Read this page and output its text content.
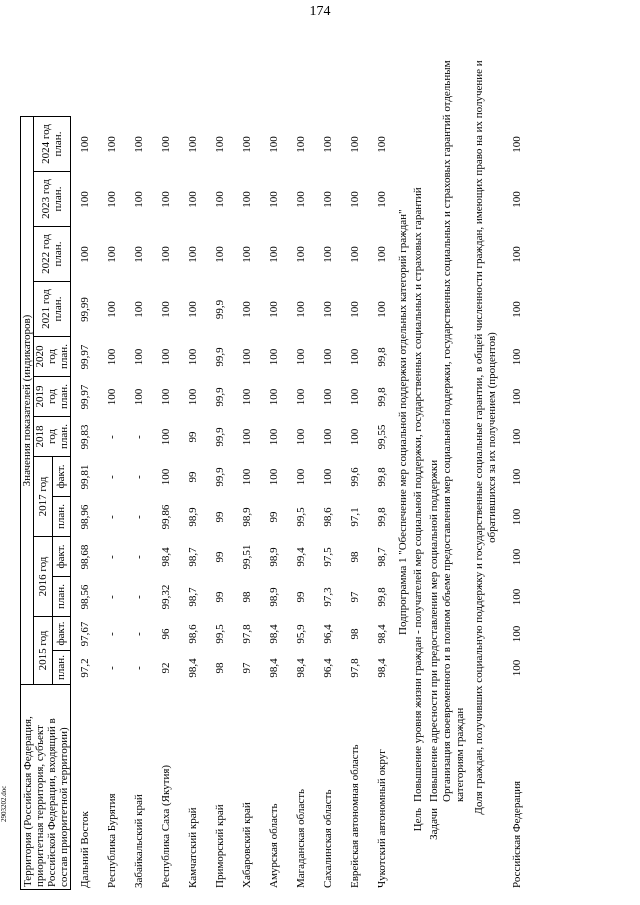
174
2903202.doc	Территория (Российская Федерация, приоритетная территория, субъект Российской Федерации, входящий в состав приоритетной территории)	Значения показателей (индикаторов)												
	2015 год		2016 год		2017 год		2018 год план.	2019 год план.	2020 год план.	2021 год план.	2022 год план.	2023 год план.	2024 год план.
	план.	факт.	план.	факт.	план.	факт.							
Дальний Восток	97,2	97,67	98,56	98,68	98,96	99,81	99,83	99,97	99,97	99,99	100	100	100
Республика Бурятия	-	-	-	-	-	-	-	100	100	100	100	100	100
Забайкальский край	-	-	-	-	-	-	-	100	100	100	100	100	100
Республика Саха (Якутия)	92	96	99,32	98,4	99,86	100	100	100	100	100	100	100	100
Камчатский край	98,4	98,6	98,7	98,7	98,9	99	99	100	100	100	100	100	100
Приморский край	98	99,5	99	99	99	99,9	99,9	99,9	99,9	99,9	100	100	100
Хабаровский край	97	97,8	98	99,51	98,9	100	100	100	100	100	100	100	100
Амурская область	98,4	98,4	98,9	98,9	99	100	100	100	100	100	100	100	100
Магаданская область	98,4	95,9	99	99,4	99,5	100	100	100	100	100	100	100	100
Сахалинская область	96,4	96,4	97,3	97,5	98,6	100	100	100	100	100	100	100	100
Еврейская автономная область	97,8	98	97	98	97,1	99,6	100	100	100	100	100	100	100
Чукотский автономный округ	98,4	98,4	99,8	98,7	99,8	99,8	99,55	99,8	99,8	100	100	100	100
Подпрограмма 1 "Обеспечение мер социальной поддержки отдельных категорий граждан"
Цель
Повышение уровня жизни граждан - получателей мер социальной поддержки, государственных социальных и страховых гарантий
Задачи
Повышение адресности при предоставлении мер социальной поддержки Организация своевременного и в полном объеме предоставления мер социальной поддержки, государственных социальных и страховых гарантий отдельным категориям граждан Доля граждан, получивших социальную поддержку и государственные социальные гарантии, в общей численности граждан, имеющих право на их получение и обратившихся за их получением (процентов)
Российская Федерация	100	100	100	100	100	100	100	100	100	100	100	100	100
